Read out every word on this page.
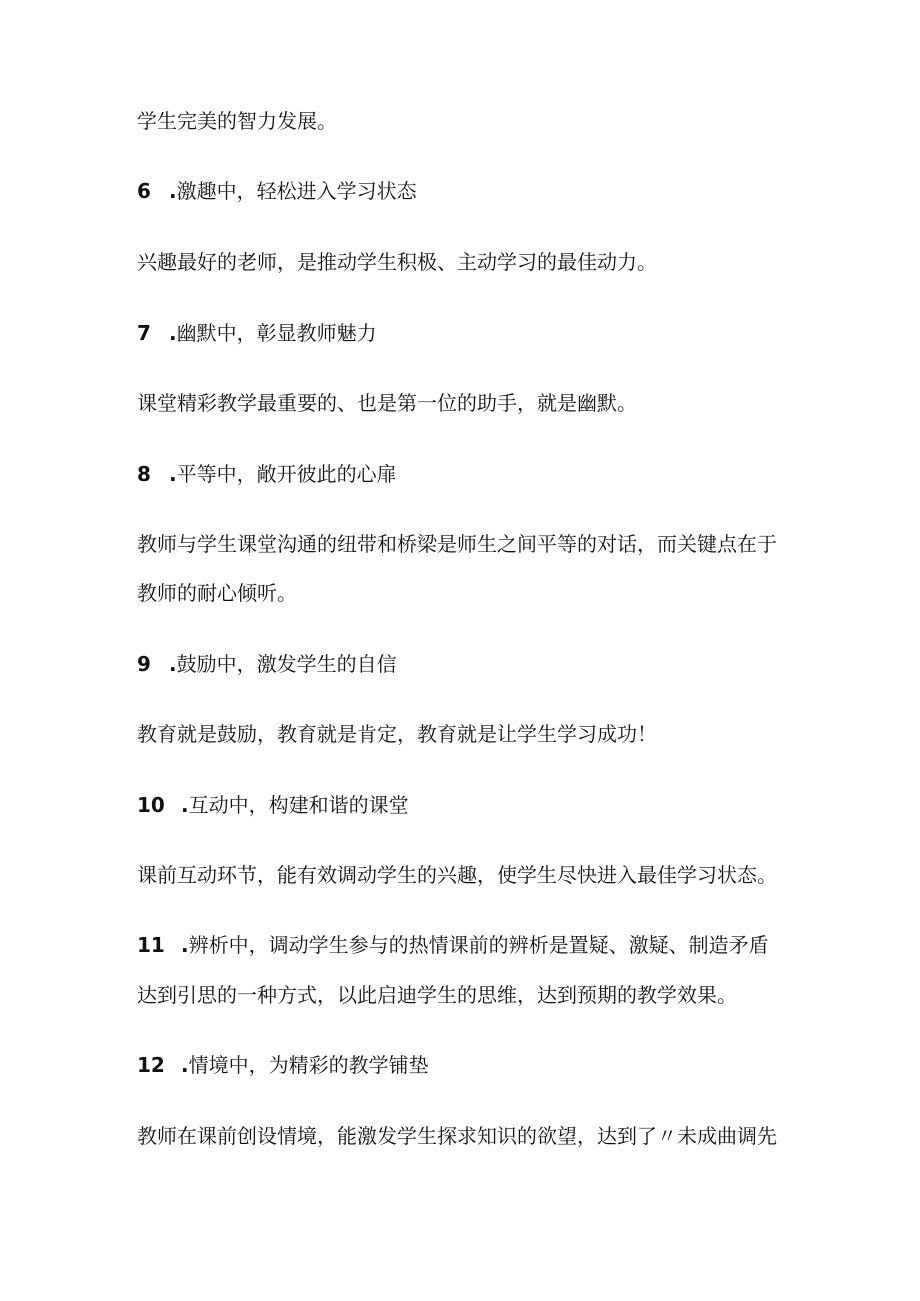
学生完美的智力发展。
6 .激趣中，轻松进入学习状态
兴趣最好的老师，是推动学生积极、主动学习的最佳动力。
7 .幽默中，彰显教师魅力
课堂精彩教学最重要的、也是第一位的助手，就是幽默。
8 .平等中，敞开彼此的心扉
教师与学生课堂沟通的纽带和桥梁是师生之间平等的对话，而关键点在于
教师的耐心倾听。
9 .鼓励中，激发学生的自信
教育就是鼓励，教育就是肯定，教育就是让学生学习成功！
10 .互动中，构建和谐的课堂
课前互动环节，能有效调动学生的兴趣，使学生尽快进入最佳学习状态。
11 .辨析中，调动学生参与的热情课前的辨析是置疑、激疑、制造矛盾
达到引思的一种方式，以此启迪学生的思维，达到预期的教学效果。
12 .情境中，为精彩的教学铺垫
教师在课前创设情境，能激发学生探求知识的欲望，达到了〃未成曲调先
